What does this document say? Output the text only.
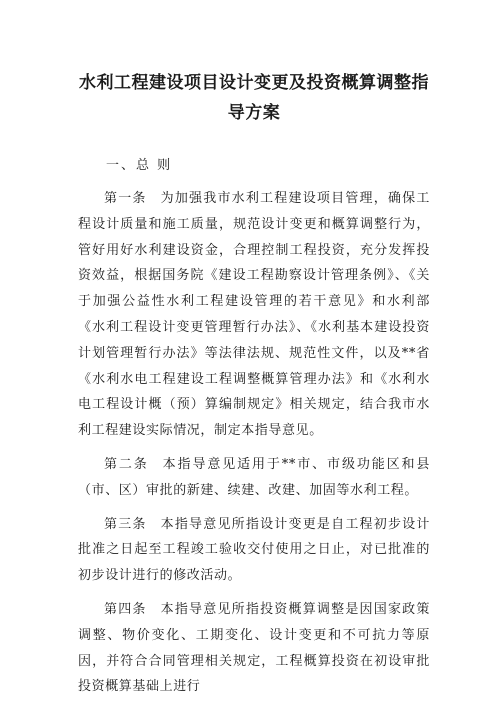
水利工程建设项目设计变更及投资概算调整指导方案
一、总 则

第一条 为加强我市水利工程建设项目管理，确保工程设计质量和施工质量，规范设计变更和概算调整行为，管好用好水利建设资金，合理控制工程投资，充分发挥投资效益，根据国务院《建设工程勘察设计管理条例》、《关于加强公益性水利工程建设管理的若干意见》和水利部《水利工程设计变更管理暂行办法》、《水利基本建设投资计划管理暂行办法》等法律法规、规范性文件，以及**省《水利水电工程建设工程调整概算管理办法》和《水利水电工程设计概（预）算编制规定》相关规定，结合我市水利工程建设实际情况，制定本指导意见。

第二条 本指导意见适用于**市、市级功能区和县（市、区）审批的新建、续建、改建、加固等水利工程。

第三条 本指导意见所指设计变更是自工程初步设计批准之日起至工程竣工验收交付使用之日止，对已批准的初步设计进行的修改活动。

第四条 本指导意见所指投资概算调整是因国家政策调整、物价变化、工期变化、设计变更和不可抗力等原因，并符合合同管理相关规定，工程概算投资在初设审批投资概算基础上进行
